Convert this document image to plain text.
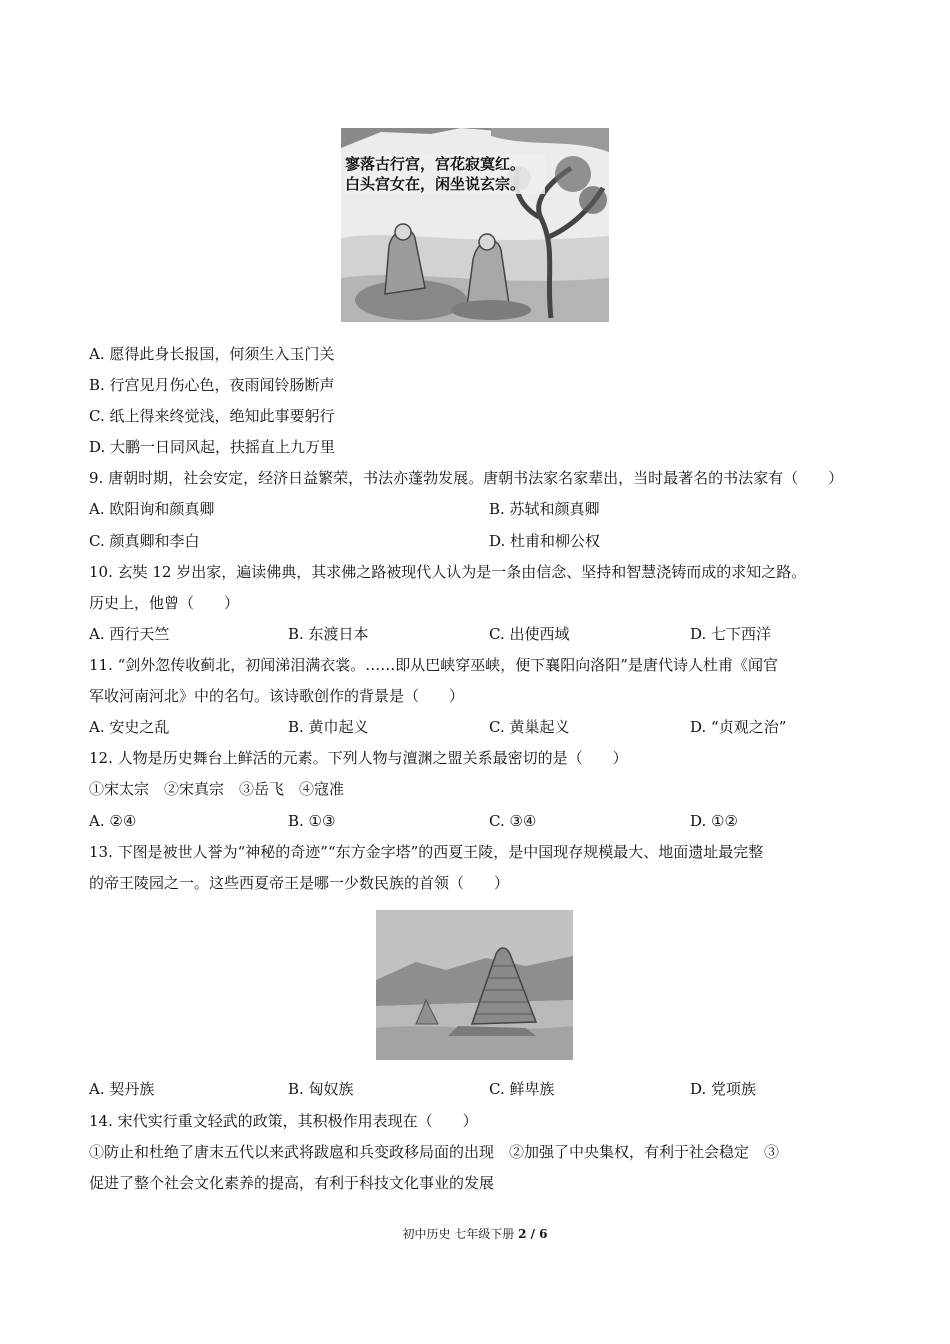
寥落古行宫，宫花寂寞红。
白头宫女在，闲坐说玄宗。
A. 愿得此身长报国，何须生入玉门关
B. 行宫见月伤心色，夜雨闻铃肠断声
C. 纸上得来终觉浅，绝知此事要躬行
D. 大鹏一日同风起，扶摇直上九万里
9. 唐朝时期，社会安定，经济日益繁荣，书法亦蓬勃发展。唐朝书法家名家辈出，当时最著名的书法家有（　　）
A. 欧阳询和颜真卿	B. 苏轼和颜真卿
C. 颜真卿和李白	D. 杜甫和柳公权
10. 玄奘 12 岁出家，遍读佛典，其求佛之路被现代人认为是一条由信念、坚持和智慧浇铸而成的求知之路。
历史上，他曾（　　）
A. 西行天竺	B. 东渡日本	C. 出使西域	D. 七下西洋
11. “剑外忽传收蓟北，初闻涕泪满衣裳。……即从巴峡穿巫峡，便下襄阳向洛阳”是唐代诗人杜甫《闻官
军收河南河北》中的名句。该诗歌创作的背景是（　　）
A. 安史之乱	B. 黄巾起义	C. 黄巢起义	D. “贞观之治”
12. 人物是历史舞台上鲜活的元素。下列人物与澶渊之盟关系最密切的是（　　）
①宋太宗　②宋真宗　③岳飞　④寇准
A. ②④	B. ①③	C. ③④	D. ①②
13. 下图是被世人誉为“神秘的奇迹”“东方金字塔”的西夏王陵，是中国现存规模最大、地面遗址最完整
的帝王陵园之一。这些西夏帝王是哪一少数民族的首领（　　）
A. 契丹族	B. 匈奴族	C. 鲜卑族	D. 党项族
14. 宋代实行重文轻武的政策，其积极作用表现在（　　）
①防止和杜绝了唐末五代以来武将跋扈和兵变政移局面的出现　②加强了中央集权，有利于社会稳定　③
促进了整个社会文化素养的提高，有利于科技文化事业的发展
初中历史 七年级下册 2 / 6
